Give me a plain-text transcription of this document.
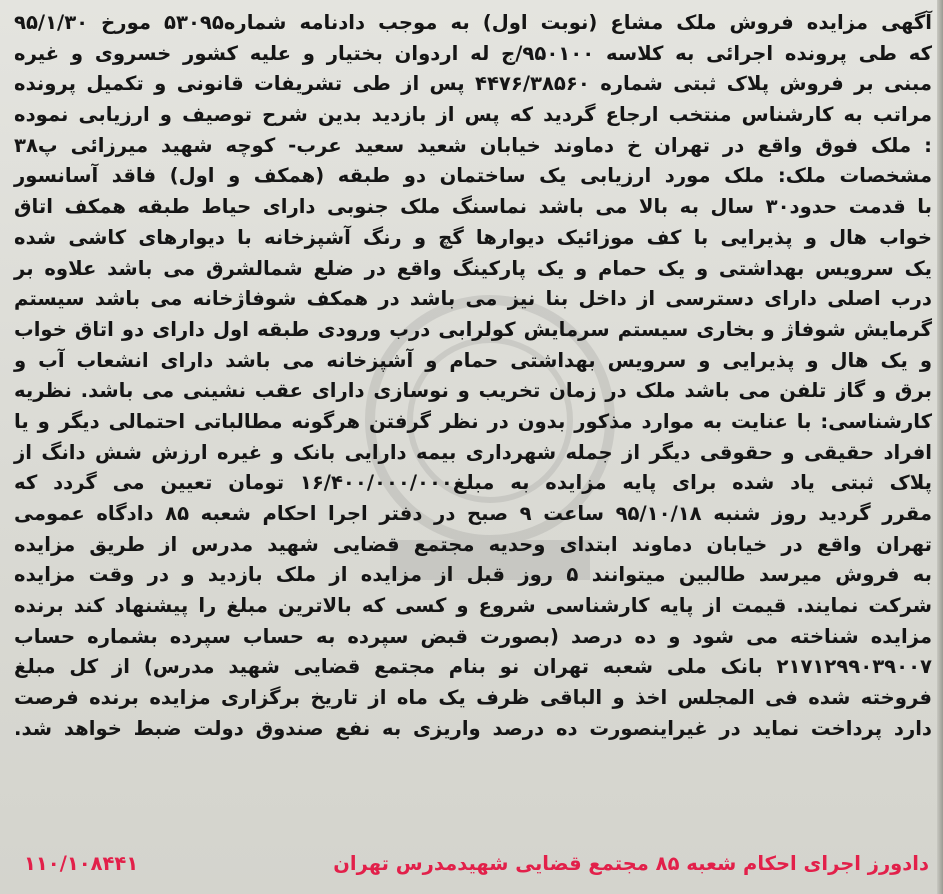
آگهی مزایده فروش ملک مشاع (نوبت اول) به موجب دادنامه شماره۵۳۰۹۵ مورخ ۹۵/۱/۳۰
که طی پرونده اجرائی به کلاسه ۹۵۰۱۰۰/ج له اردوان بختیار و علیه کشور خسروی و غیره
مبنی بر فروش پلاک ثبتی شماره ۴۴۷۶/۳۸۵۶۰ پس از طی تشریفات قانونی و تکمیل پرونده
مراتب به کارشناس منتخب ارجاع گردید که پس از بازدید بدین شرح توصیف و ارزیابی نموده
: ملک فوق واقع در تهران خ دماوند خیابان شعید سعید عرب- کوچه شهید میرزائی پ۳۸
مشخصات ملک: ملک مورد ارزیابی یک ساختمان دو طبقه (همکف و اول) فاقد آسانسور
با قدمت حدود۳۰ سال به بالا می باشد نماسنگ ملک جنوبی دارای حیاط طبقه همکف اتاق
خواب هال و پذیرایی با کف موزائیک دیوارها گچ و رنگ آشپزخانه با دیوارهای کاشی شده
یک سرویس بهداشتی و یک حمام و یک پارکینگ واقع در ضلع شمالشرق می باشد علاوه بر
درب اصلی دارای دسترسی از داخل بنا نیز می باشد در همکف شوفاژخانه می باشد سیستم
گرمایش شوفاژ و بخاری سیستم سرمایش کولرابی درب ورودی طبقه اول دارای دو اتاق خواب
و یک هال و پذیرایی و سرویس بهداشتی حمام و آشپزخانه می باشد دارای انشعاب آب و
برق و گاز تلفن می باشد ملک در زمان تخریب و نوسازی دارای عقب نشینی می باشد. نظریه
کارشناسی: با عنایت به موارد مذکور بدون در نظر گرفتن هرگونه مطالباتی احتمالی دیگر و یا
افراد حقیقی و حقوقی دیگر از جمله شهرداری بیمه دارایی بانک و غیره ارزش شش دانگ از
پلاک ثبتی یاد شده برای پایه مزایده به مبلغ۱۶/۴۰۰/۰۰۰/۰۰۰ تومان تعیین می گردد که
مقرر گردید روز شنبه ۹۵/۱۰/۱۸ ساعت ۹ صبح در دفتر اجرا احکام شعبه ۸۵ دادگاه عمومی
تهران واقع در خیابان دماوند ابتدای وحدیه مجتمع قضایی شهید مدرس از طریق مزایده
به فروش میرسد طالبین میتوانند ۵ روز قبل از مزایده از ملک بازدید و در وقت مزایده
شرکت نمایند. قیمت از پایه کارشناسی شروع و کسی که بالاترین مبلغ را پیشنهاد کند برنده
مزایده شناخته می شود و ده درصد (بصورت قبض سپرده به حساب سپرده بشماره حساب
۲۱۷۱۲۹۹۰۳۹۰۰۷ بانک ملی شعبه تهران نو بنام مجتمع قضایی شهید مدرس) از کل مبلغ
فروخته شده فی المجلس اخذ و الباقی ظرف یک ماه از تاریخ برگزاری مزایده برنده فرصت
دارد پرداخت نماید در غیراینصورت ده درصد واریزی به نفع صندوق دولت ضبط خواهد شد.
دادورز اجرای احکام شعبه ۸۵ مجتمع قضایی شهیدمدرس تهران
۱۱۰/۱۰۸۴۴۱
